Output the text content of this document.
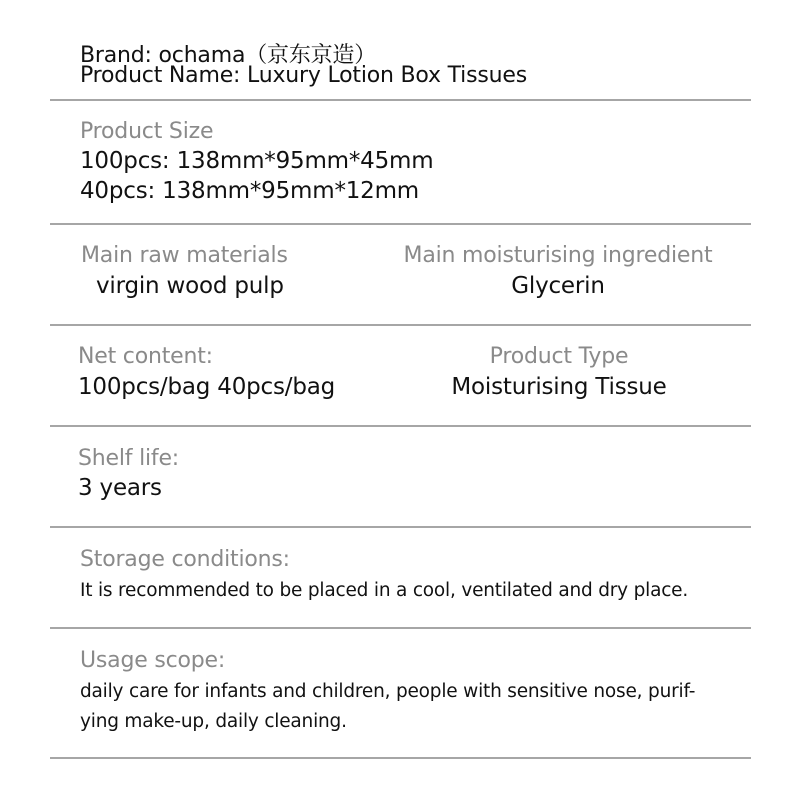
Brand: ochama（京东京造）
Product Name: Luxury Lotion Box Tissues
Product Size
100pcs: 138mm*95mm*45mm
40pcs: 138mm*95mm*12mm
Main raw materials
virgin wood pulp
Main moisturising ingredient
Glycerin
Net content:
100pcs/bag 40pcs/bag
Product Type
Moisturising Tissue
Shelf life:
3 years
Storage conditions:
It is recommended to be placed in a cool, ventilated and dry place.
Usage scope:
daily care for infants and children, people with sensitive nose, purif-
ying make-up, daily cleaning.
